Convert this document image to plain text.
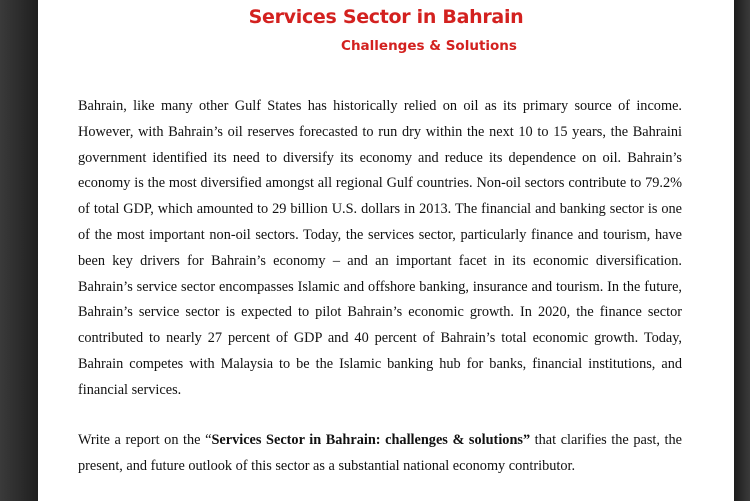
Services Sector in Bahrain
Challenges & Solutions

Bahrain, like many other Gulf States has historically relied on oil as its primary source of income. However, with Bahrain’s oil reserves forecasted to run dry within the next 10 to 15 years, the Bahraini government identified its need to diversify its economy and reduce its dependence on oil. Bahrain’s economy is the most diversified amongst all regional Gulf countries. Non-oil sectors contribute to 79.2% of total GDP, which amounted to 29 billion U.S. dollars in 2013. The financial and banking sector is one of the most important non-oil sectors. Today, the services sector, particularly finance and tourism, have been key drivers for Bahrain’s economy – and an important facet in its economic diversification. Bahrain’s service sector encompasses Islamic and offshore banking, insurance and tourism. In the future, Bahrain’s service sector is expected to pilot Bahrain’s economic growth. In 2020, the finance sector contributed to nearly 27 percent of GDP and 40 percent of Bahrain’s total economic growth. Today, Bahrain competes with Malaysia to be the Islamic banking hub for banks, financial institutions, and financial services.

Write a report on the “Services Sector in Bahrain: challenges & solutions” that clarifies the past, the present, and future outlook of this sector as a substantial national economy contributor.
